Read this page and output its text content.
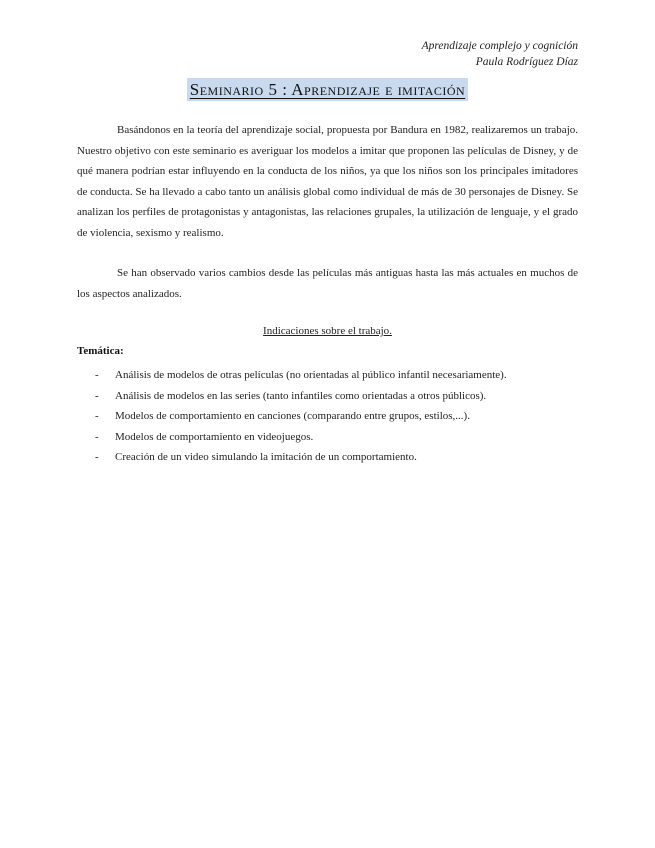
Aprendizaje complejo y cognición
Paula Rodríguez Díaz
Seminario 5 : Aprendizaje e imitación

Basándonos en la teoría del aprendizaje social, propuesta por Bandura en 1982, realizaremos un trabajo. Nuestro objetivo con este seminario es averiguar los modelos a imitar que proponen las películas de Disney, y de qué manera podrían estar influyendo en la conducta de los niños, ya que los niños son los principales imitadores de conducta. Se ha llevado a cabo tanto un análisis global como individual de más de 30 personajes de Disney. Se analizan los perfiles de protagonistas y antagonistas, las relaciones grupales, la utilización de lenguaje, y el grado de violencia, sexismo y realismo.

Se han observado varios cambios desde las películas más antiguas hasta las más actuales en muchos de los aspectos analizados.

Indicaciones sobre el trabajo.
Temática:
- Análisis de modelos de otras películas (no orientadas al público infantil necesariamente).
- Análisis de modelos en las series (tanto infantiles como orientadas a otros públicos).
- Modelos de comportamiento en canciones (comparando entre grupos, estilos,...).
- Modelos de comportamiento en videojuegos.
- Creación de un video simulando la imitación de un comportamiento.
